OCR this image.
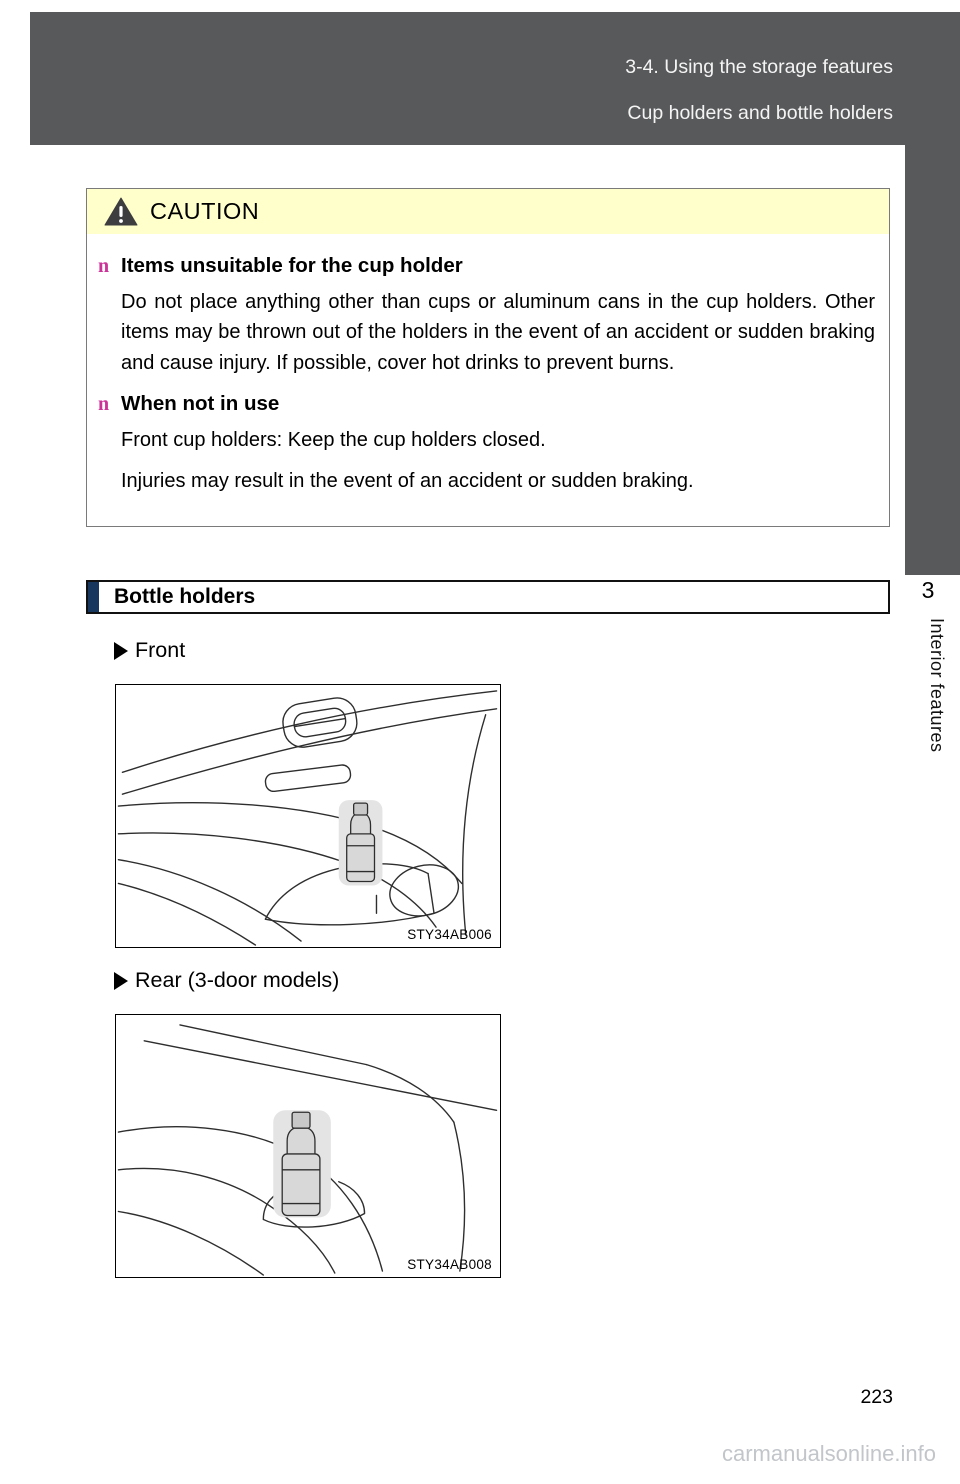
3-4. Using the storage features
Cup holders and bottle holders
3
Interior features
CAUTION
n Items unsuitable for the cup holder

Do not place anything other than cups or aluminum cans in the cup holders. Other items may be thrown out of the holders in the event of an accident or sudden braking and cause injury. If possible, cover hot drinks to prevent burns.

n When not in use

Front cup holders: Keep the cup holders closed.

Injuries may result in the event of an accident or sudden braking.

Bottle holders
Front
STY34AB006
Rear (3-door models)
STY34AB008
223
carmanualsonline.info
